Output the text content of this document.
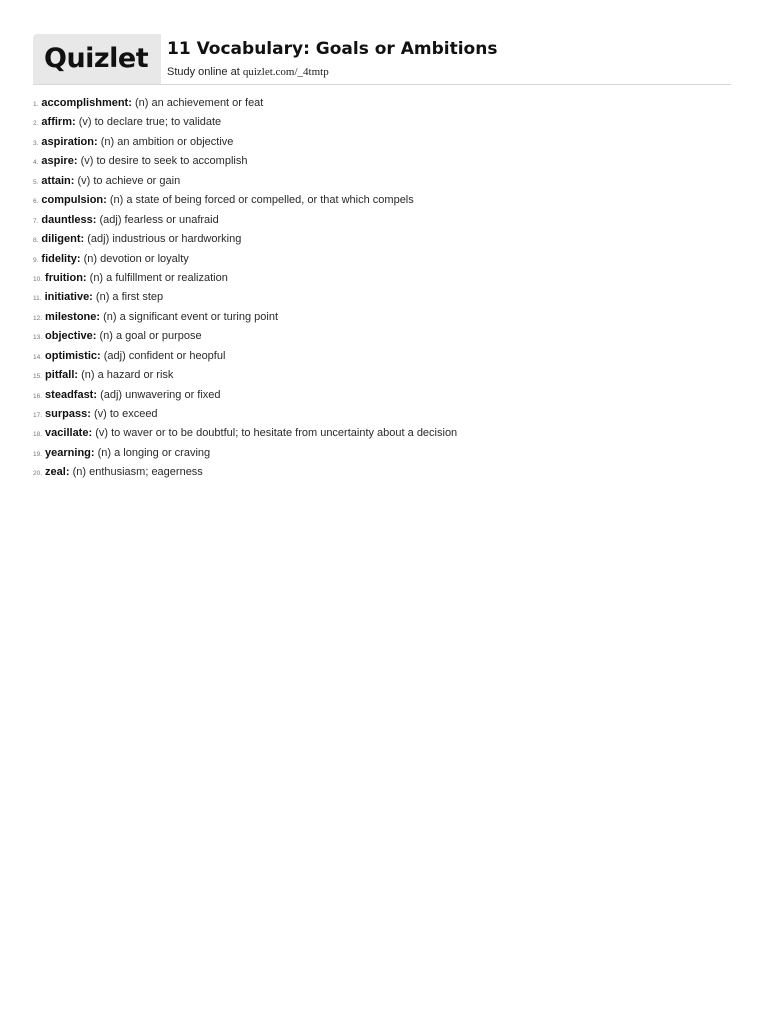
Quizlet 11 Vocabulary: Goals or Ambitions
Study online at quizlet.com/_4tmtp
1. accomplishment: (n) an achievement or feat
2. affirm: (v) to declare true; to validate
3. aspiration: (n) an ambition or objective
4. aspire: (v) to desire to seek to accomplish
5. attain: (v) to achieve or gain
6. compulsion: (n) a state of being forced or compelled, or that which compels
7. dauntless: (adj) fearless or unafraid
8. diligent: (adj) industrious or hardworking
9. fidelity: (n) devotion or loyalty
10. fruition: (n) a fulfillment or realization
11. initiative: (n) a first step
12. milestone: (n) a significant event or turing point
13. objective: (n) a goal or purpose
14. optimistic: (adj) confident or heopful
15. pitfall: (n) a hazard or risk
16. steadfast: (adj) unwavering or fixed
17. surpass: (v) to exceed
18. vacillate: (v) to waver or to be doubtful; to hesitate from uncertainty about a decision
19. yearning: (n) a longing or craving
20. zeal: (n) enthusiasm; eagerness
